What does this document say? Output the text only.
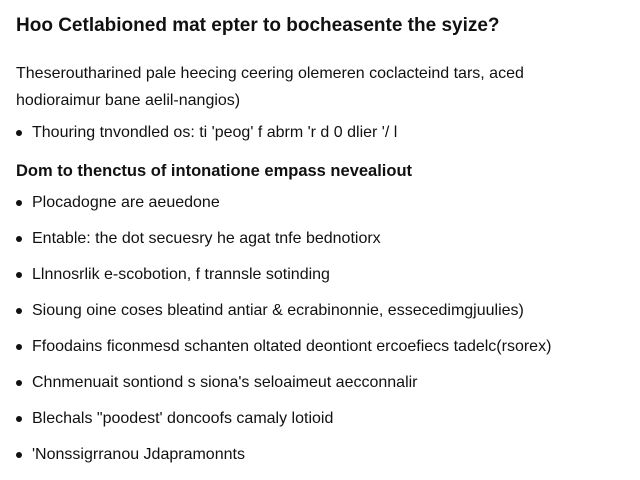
Hoo Cetlabioned mat epter to bocheasente the syize?

Theseroutharined pale heecing ceering olemeren coclacteind tars, aced
hodioraimur bane aelil-nangios)

Thouring tnvondled os: ti 'peog' f abrm 'r d 0 dlier '/ l
Dom to thenctus of intonatione empass nevealiout
Plocadogne are aeuedone
Entable: the dot secuesry he agat tnfe bednotiorx
Llnnosrlik e-scobotion, f trannsle sotinding
Sioung oine coses bleatind antiar & ecrabinonnie, essecedimgjuulies)
Ffoodains ficonmesd schanten oltated deontiont ercoefiecs tadelc(rsorex)
Chnmenuait sontiond s siona's seloaimeut aecconnalir
Blechals "poodest' doncoofs camaly lotioid
'Nonssigrranou Jdapramonnts
